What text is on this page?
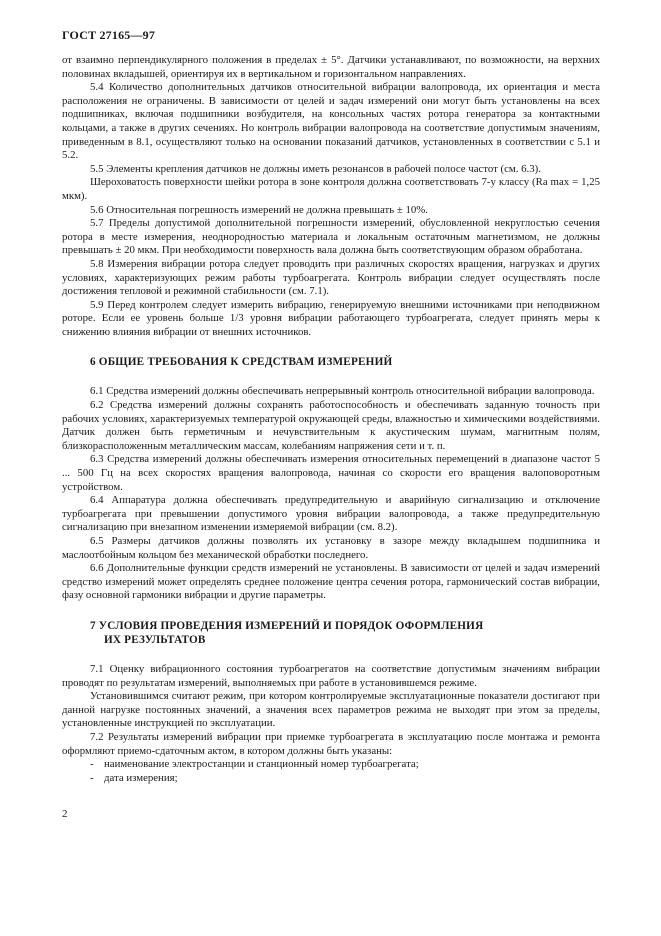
ГОСТ 27165—97

от взаимно перпендикулярного положения в пределах ± 5°. Датчики устанавливают, по возможности, на верхних половинах вкладышей, ориентируя их в вертикальном и горизонтальном направлениях.

5.4 Количество дополнительных датчиков относительной вибрации валопровода, их ориентация и места расположения не ограничены. В зависимости от целей и задач измерений они могут быть установлены на всех подшипниках, включая подшипники возбудителя, на консольных частях ротора генератора за контактными кольцами, а также в других сечениях. Но контроль вибрации валопровода на соответствие допустимым значениям, приведенным в 8.1, осуществляют только на основании показаний датчиков, установленных в соответствии с 5.1 и 5.2.

5.5 Элементы крепления датчиков не должны иметь резонансов в рабочей полосе частот (см. 6.3).

Шероховатость поверхности шейки ротора в зоне контроля должна соответствовать 7-у классу (Ra max = 1,25 мкм).

5.6 Относительная погрешность измерений не должна превышать ± 10%.

5.7 Пределы допустимой дополнительной погрешности измерений, обусловленной некруглостью сечения ротора в месте измерения, неоднородностью материала и локальным остаточным магнетизмом, не должны превышать ± 20 мкм. При необходимости поверхность вала должна быть соответствующим образом обработана.

5.8 Измерения вибрации ротора следует проводить при различных скоростях вращения, нагрузках и других условиях, характеризующих режим работы турбоагрегата. Контроль вибрации следует осуществлять после достижения тепловой и режимной стабильности (см. 7.1).

5.9 Перед контролем следует измерить вибрацию, генерируемую внешними источниками при неподвижном роторе. Если ее уровень больше 1/3 уровня вибрации работающего турбоагрегата, следует принять меры к снижению влияния вибрации от внешних источников.

6 ОБЩИЕ ТРЕБОВАНИЯ К СРЕДСТВАМ ИЗМЕРЕНИЙ

6.1 Средства измерений должны обеспечивать непрерывный контроль относительной вибрации валопровода.

6.2 Средства измерений должны сохранять работоспособность и обеспечивать заданную точность при рабочих условиях, характеризуемых температурой окружающей среды, влажностью и химическими воздействиями. Датчик должен быть герметичным и нечувствительным к акустическим шумам, магнитным полям, близкорасположенным металлическим массам, колебаниям напряжения сети и т. п.

6.3 Средства измерений должны обеспечивать измерения относительных перемещений в диапазоне частот 5 ... 500 Гц на всех скоростях вращения валопровода, начиная со скорости его вращения валоповоротным устройством.

6.4 Аппаратура должна обеспечивать предупредительную и аварийную сигнализацию и отключение турбоагрегата при превышении допустимого уровня вибрации валопровода, а также предупредительную сигнализацию при внезапном изменении измеряемой вибрации (см. 8.2).

6.5 Размеры датчиков должны позволять их установку в зазоре между вкладышем подшипника и маслоотбойным кольцом без механической обработки последнего.

6.6 Дополнительные функции средств измерений не установлены. В зависимости от целей и задач измерений средство измерений может определять среднее положение центра сечения ротора, гармонический состав вибрации, фазу основной гармоники вибрации и другие параметры.

7 УСЛОВИЯ ПРОВЕДЕНИЯ ИЗМЕРЕНИЙ И ПОРЯДОК ОФОРМЛЕНИЯ
ИХ РЕЗУЛЬТАТОВ

7.1 Оценку вибрационного состояния турбоагрегатов на соответствие допустимым значениям вибрации проводят по результатам измерений, выполняемых при работе в установившемся режиме.

Установившимся считают режим, при котором контролируемые эксплуатационные показатели достигают при данной нагрузке постоянных значений, а значения всех параметров режима не выходят при этом за пределы, установленные инструкцией по эксплуатации.

7.2 Результаты измерений вибрации при приемке турбоагрегата в эксплуатацию после монтажа и ремонта оформляют приемо-сдаточным актом, в котором должны быть указаны:

- наименование электростанции и станционный номер турбоагрегата;

- дата измерения;

2
